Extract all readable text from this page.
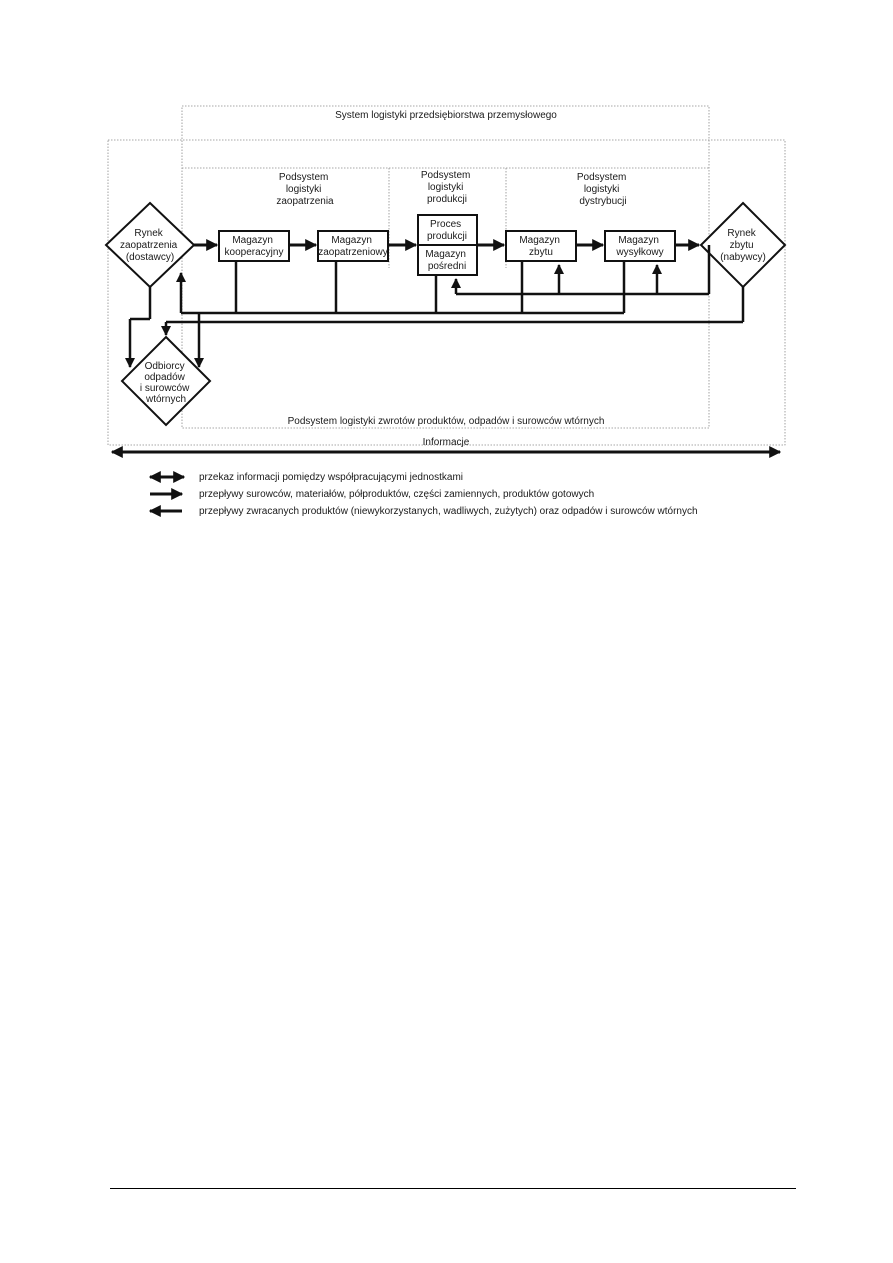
System logistyki przedsiębiorstwa przemysłowego
Podsystem logistyki zaopatrzenia
Podsystem logistyki produkcji
Podsystem logistyki dystrybucji
Rynek zaopatrzenia (dostawcy)
Rynek zbytu (nabywcy)
Odbiorcy odpadów i surowców wtórnych
Magazyn kooperacyjny
Magazyn zaopatrzeniowy
Proces produkcji
Magazyn pośredni
Magazyn zbytu
Magazyn wysyłkowy
Podsystem logistyki zwrotów produktów, odpadów i surowców wtórnych
Informacje
przekaz informacji pomiędzy współpracującymi jednostkami
przepływy surowców, materiałów, półproduktów, części zamiennych, produktów gotowych
przepływy zwracanych produktów (niewykorzystanych, wadliwych, zużytych) oraz odpadów i surowców wtórnych
